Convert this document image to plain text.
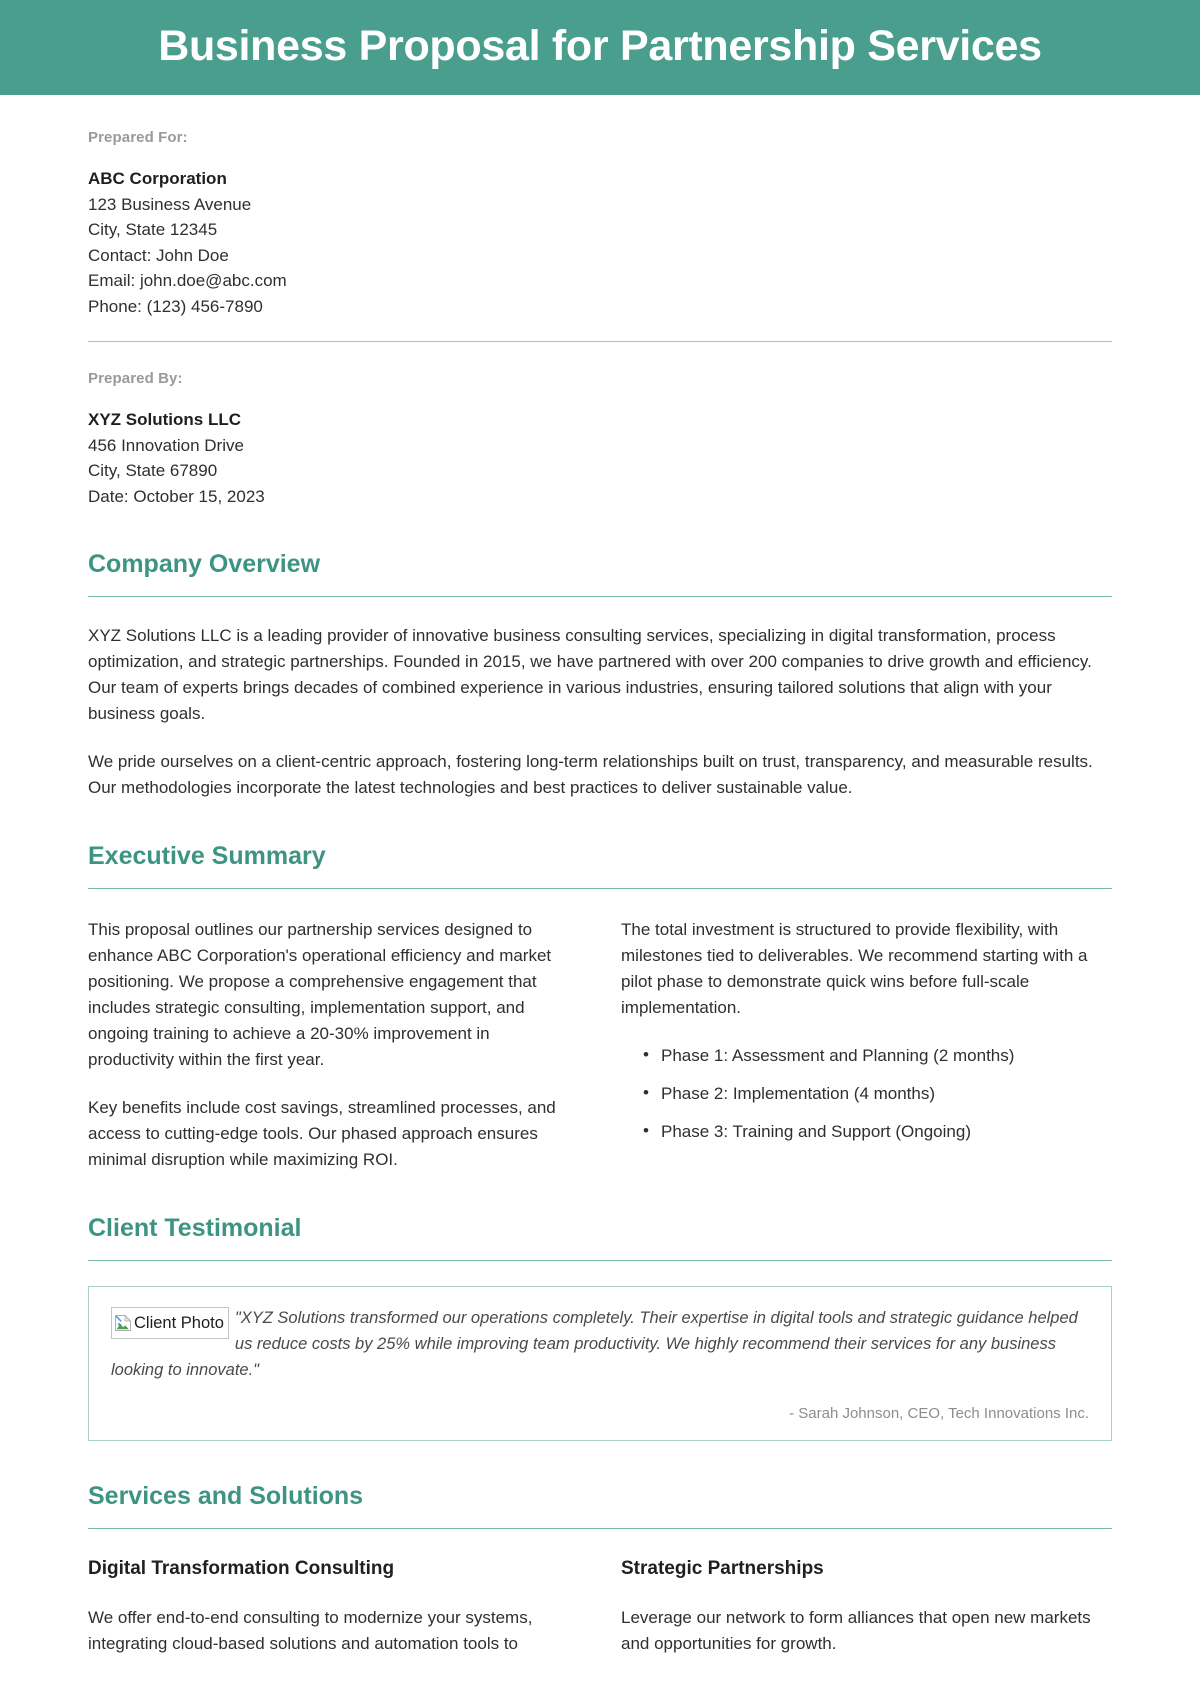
Business Proposal for Partnership Services
Prepared For:
ABC Corporation
123 Business Avenue
City, State 12345
Contact: John Doe
Email: john.doe@abc.com
Phone: (123) 456-7890
Prepared By:
XYZ Solutions LLC
456 Innovation Drive
City, State 67890
Date: October 15, 2023
Company Overview

XYZ Solutions LLC is a leading provider of innovative business consulting services, specializing in digital transformation, process optimization, and strategic partnerships. Founded in 2015, we have partnered with over 200 companies to drive growth and efficiency. Our team of experts brings decades of combined experience in various industries, ensuring tailored solutions that align with your business goals.

We pride ourselves on a client-centric approach, fostering long-term relationships built on trust, transparency, and measurable results. Our methodologies incorporate the latest technologies and best practices to deliver sustainable value.

Executive Summary

This proposal outlines our partnership services designed to enhance ABC Corporation's operational efficiency and market positioning. We propose a comprehensive engagement that includes strategic consulting, implementation support, and ongoing training to achieve a 20-30% improvement in productivity within the first year.

Key benefits include cost savings, streamlined processes, and access to cutting-edge tools. Our phased approach ensures minimal disruption while maximizing ROI.

The total investment is structured to provide flexibility, with milestones tied to deliverables. We recommend starting with a pilot phase to demonstrate quick wins before full-scale implementation.

• Phase 1: Assessment and Planning (2 months)
• Phase 2: Implementation (4 months)
• Phase 3: Training and Support (Ongoing)
Client Testimonial

Client Photo "XYZ Solutions transformed our operations completely. Their expertise in digital tools and strategic guidance helped us reduce costs by 25% while improving team productivity. We highly recommend their services for any business looking to innovate."

- Sarah Johnson, CEO, Tech Innovations Inc.

Services and Solutions
Digital Transformation Consulting

We offer end-to-end consulting to modernize your systems, integrating cloud-based solutions and automation tools to

Strategic Partnerships

Leverage our network to form alliances that open new markets and opportunities for growth.
